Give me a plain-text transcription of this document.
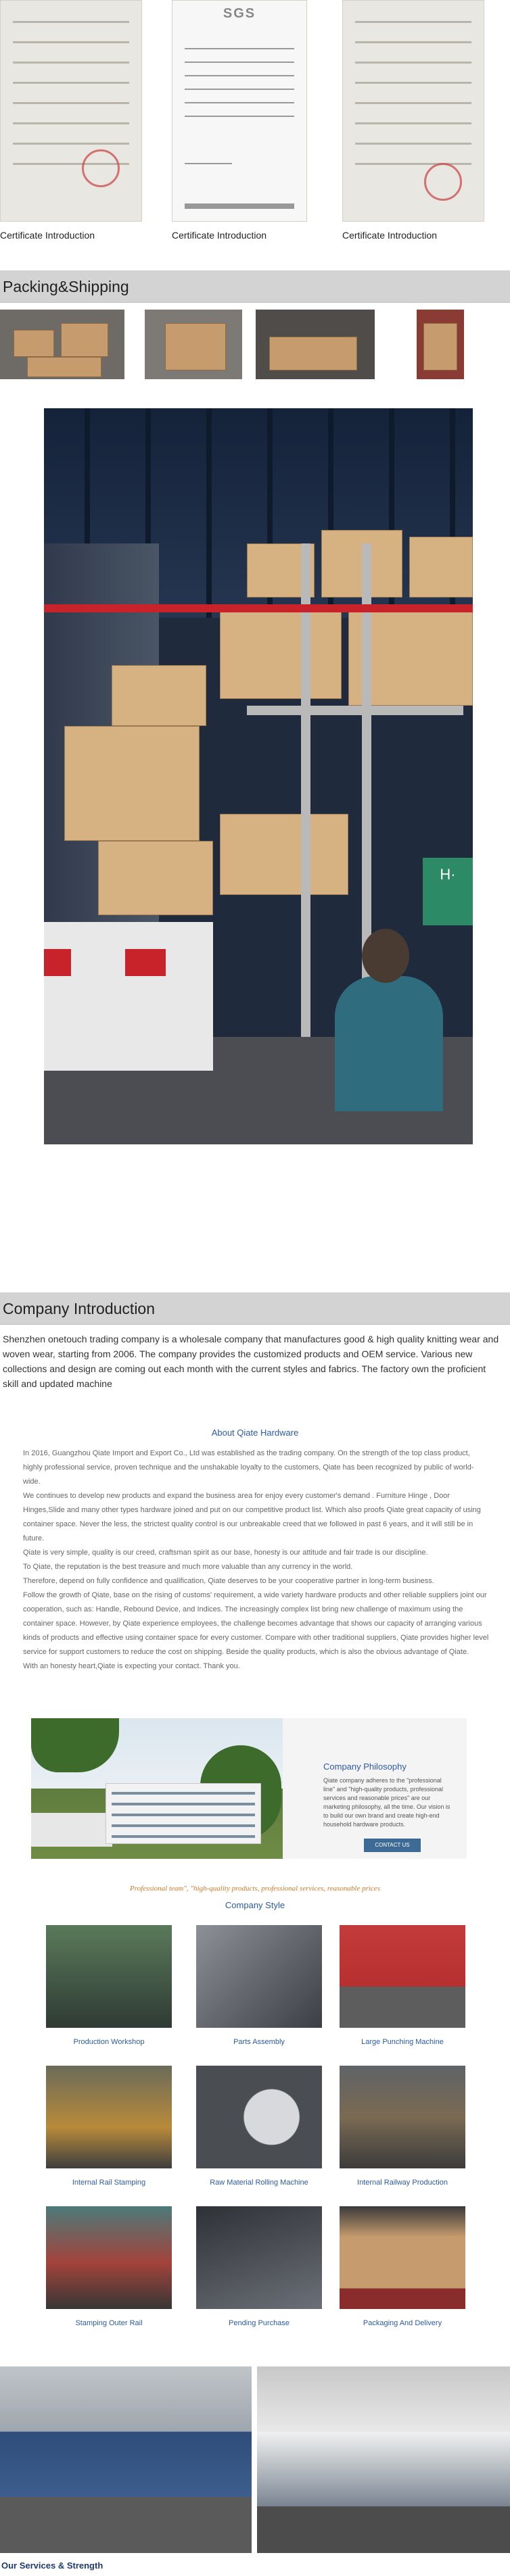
Certificate Introduction
SGS
Certificate Introduction	Certificate Introduction
Packing&Shipping
H·
Company Introduction
Shenzhen onetouch trading company is a wholesale company that manufactures good & high quality knitting wear and woven wear, starting from 2006. The company provides the customized products and OEM service. Various new collections and design are coming out each month with the current styles and fabrics. The factory own the proficient skill and updated machine
About Qiate Hardware

In 2016, Guangzhou Qiate Import and Export Co., Ltd was established as the trading company. On the strength of the top class product, highly professional service, proven technique and the unshakable loyalty to the customers, Qiate has been recognized by public of world-wide.

We continues to develop new products and expand the business area for enjoy every customer's demand . Furniture Hinge , Door Hinges,Slide and many other types hardware joined and put on our competitive product list. Which also proofs Qiate great capacity of using container space. Never the less, the strictest quality control is our unbreakable creed that we followed in past 6 years, and it will still be in future.

Qiate is very simple, quality is our creed, craftsman spirit as our base, honesty is our attitude and fair trade is our discipline.

To Qiate, the reputation is the best treasure and much more valuable than any currency in the world.

Therefore, depend on fully confidence and qualification, Qiate deserves to be your cooperative partner in long-term business.

Follow the growth of Qiate, base on the rising of customs' requirement, a wide variety hardware products and other reliable suppliers joint our cooperation, such as: Handle, Rebound Device, and Indices. The increasingly complex list bring new challenge of maximum using the container space. However, by Qiate experience employees, the challenge becomes advantage that shows our capacity of arranging various kinds of products and effective using container space for every customer. Compare with other traditional suppliers, Qiate provides higher level service for support customers to reduce the cost on shipping. Beside the quality products, which is also the obvious advantage of Qiate.

With an honesty heart,Qiate is expecting your contact. Thank you.

Company Philosophy
Qiate company adheres to the "professional line" and "high-quality products, professional services and reasonable prices" are our marketing philosophy, all the time. Our vision is to build our own brand and create high-end household hardware products.
CONTACT US
Professional team", "high-quality products, professional services, reasonable prices
Company Style
Production Workshop	Parts Assembly	Large Punching Machine
Internal Rail Stamping	Raw Material Rolling Machine	Internal Railway Production
Stamping Outer Rail	Pending Purchase	Packaging And Delivery
Our Services & Strength
